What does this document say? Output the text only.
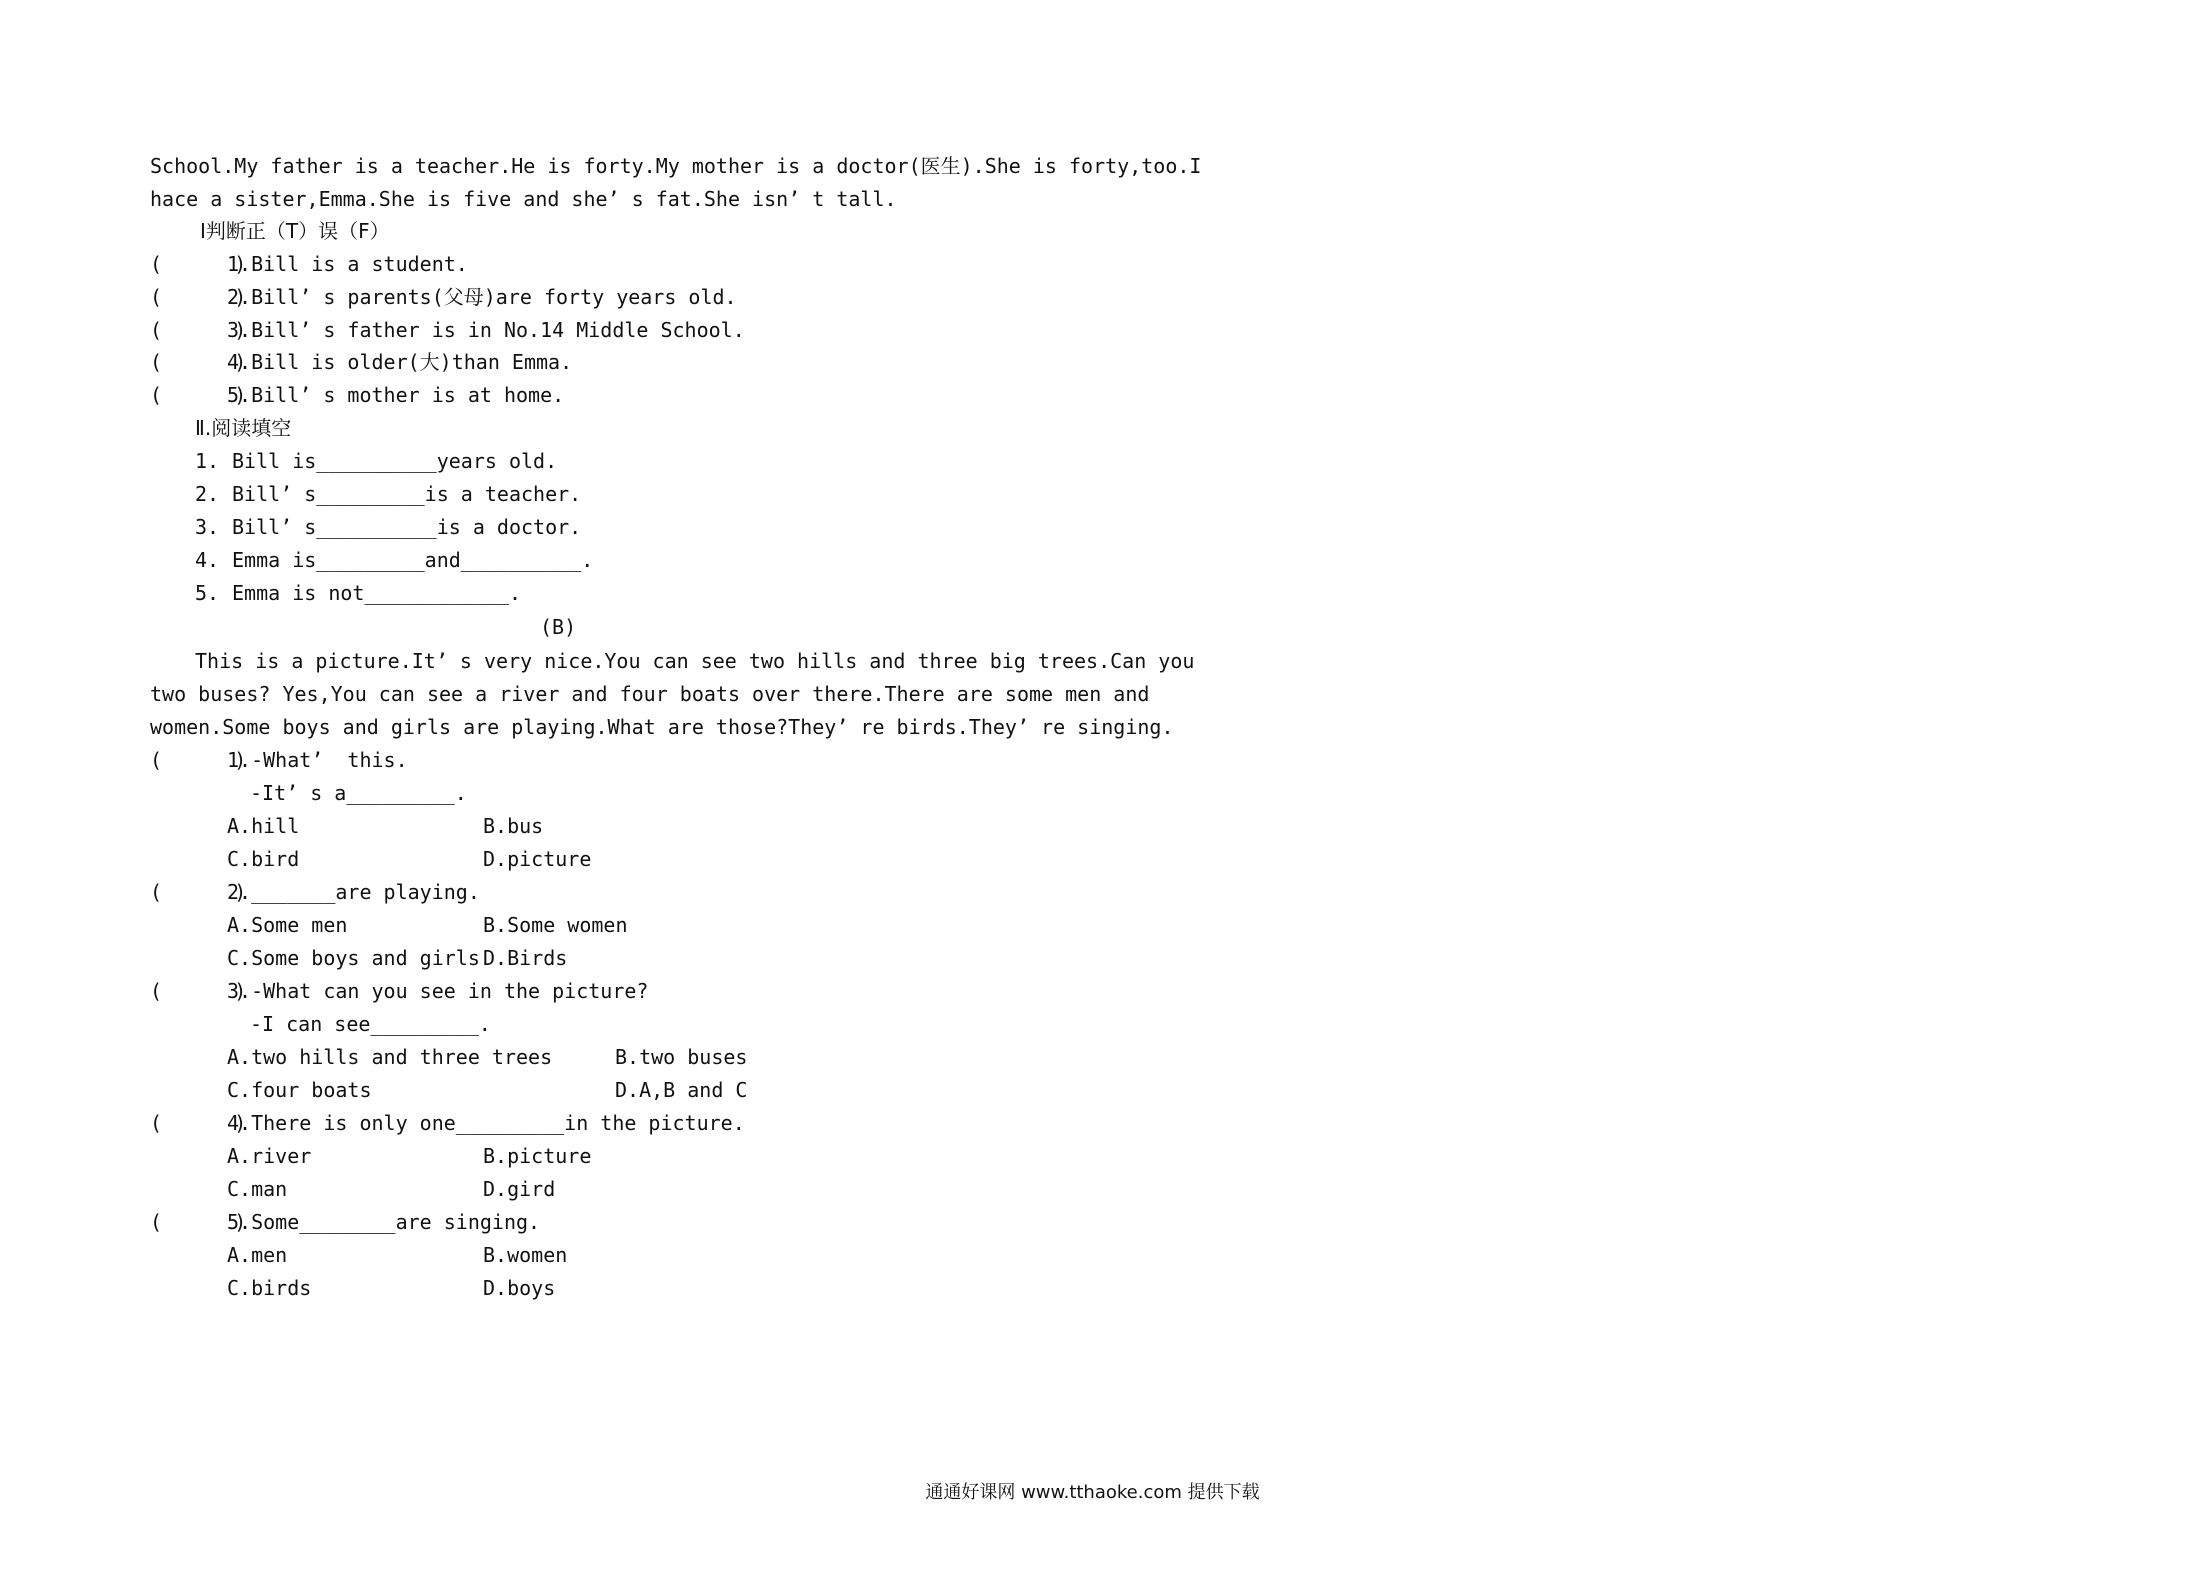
School.My father is a teacher.He is forty.My mother is a doctor(医生).She is forty,too.I
hace a sister,Emma.She is five and she’ s fat.She isn’ t tall.
Ⅰ判断正（T）误（F）
(      )
1.Bill is a student.
(      )
2.Bill’ s parents(父母)are forty years old.
(      )
3.Bill’ s father is in No.14 Middle School.
(      )
4.Bill is older(大)than Emma.
(      )
5.Bill’ s mother is at home.
Ⅱ.阅读填空
1. Bill is__________years old.
2. Bill’ s_________is a teacher.
3. Bill’ s__________is a doctor.
4. Emma is_________and__________.
5. Emma is not____________.
(B)
This is a picture.It’ s very nice.You can see two hills and three big trees.Can you
two buses? Yes,You can see a river and four boats over there.There are some men and
women.Some boys and girls are playing.What are those?They’ re birds.They’ re singing.
(      )
1.-What’  this.
-It’ s a_________.
A.hill	B.bus
C.bird	D.picture
(      )
2._______are playing.
A.Some men	B.Some women
C.Some boys and girls D.Birds
(      )
3.-What can you see in the picture?
-I can see_________.
A.two hills and three trees	B.two buses
C.four boats	D.A,B and C
(      )
4.There is only one_________in the picture.
A.river	B.picture
C.man	D.gird
(      )
5.Some________are singing.
A.men	B.women
C.birds	D.boys
通通好课网 www.tthaoke.com 提供下载
